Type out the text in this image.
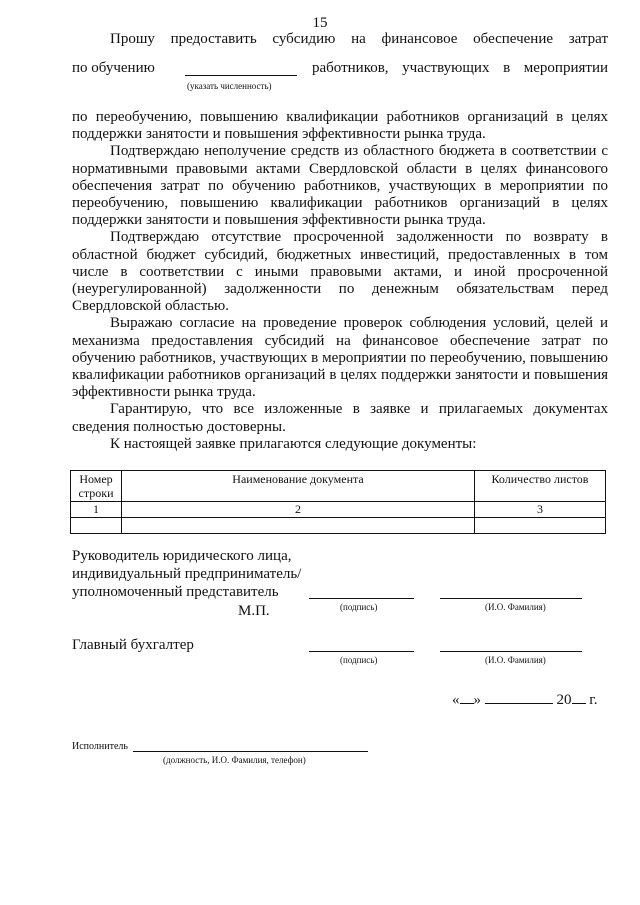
15

Прошу предоставить субсидию на финансовое обеспечение затрат

по обучению
(указать численность)
работников, участвующих в мероприятии

по переобучению, повышению квалификации работников организаций в целях поддержки занятости и повышения эффективности рынка труда.

Подтверждаю неполучение средств из областного бюджета в соответствии с нормативными правовыми актами Свердловской области в целях финансового обеспечения затрат по обучению работников, участвующих в мероприятии по переобучению, повышению квалификации работников организаций в целях поддержки занятости и повышения эффективности рынка труда.

Подтверждаю отсутствие просроченной задолженности по возврату в областной бюджет субсидий, бюджетных инвестиций, предоставленных в том числе в соответствии с иными правовыми актами, и иной просроченной (неурегулированной) задолженности по денежным обязательствам перед Свердловской областью.

Выражаю согласие на проведение проверок соблюдения условий, целей и механизма предоставления субсидий на финансовое обеспечение затрат по обучению работников, участвующих в мероприятии по переобучению, повышению квалификации работников организаций в целях поддержки занятости и повышения эффективности рынка труда.

Гарантирую, что все изложенные в заявке и прилагаемых документах сведения полностью достоверны.

К настоящей заявке прилагаются следующие документы:

Номер строки	Наименование документа	Количество листов
1	2	3

Руководитель юридического лица,
индивидуальный предприниматель/
уполномоченный представитель
М.П.	(подпись)	(И.О. Фамилия)
Главный бухгалтер
(подпись)	(И.О. Фамилия)
« »	20 г.
Исполнитель
(должность, И.О. Фамилия, телефон)
